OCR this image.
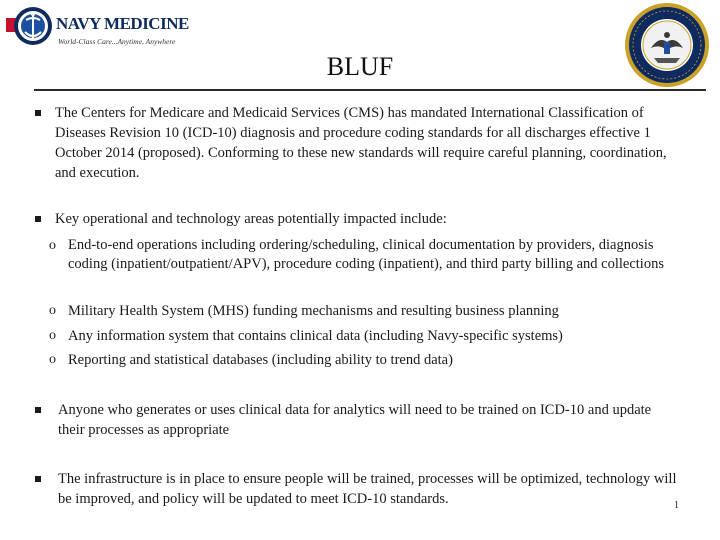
NAVY MEDICINE
World-Class Care...Anytime, Anywhere
BLUF
The Centers for Medicare and Medicaid Services (CMS) has mandated International Classification of Diseases Revision 10 (ICD-10) diagnosis and procedure coding standards for all discharges effective 1 October 2014 (proposed). Conforming to these new standards will require careful planning, coordination, and execution.
Key operational and technology areas potentially impacted include:
o End-to-end operations including ordering/scheduling, clinical documentation by providers, diagnosis coding (inpatient/outpatient/APV), procedure coding (inpatient), and third party billing and collections
o Military Health System (MHS) funding mechanisms and resulting business planning
o Any information system that contains clinical data (including Navy-specific systems)
o Reporting and statistical databases (including ability to trend data)
Anyone who generates or uses clinical data for analytics will need to be trained on ICD-10 and update their processes as appropriate
The infrastructure is in place to ensure people will be trained, processes will be optimized, technology will be improved, and policy will be updated to meet ICD-10 standards.	1
